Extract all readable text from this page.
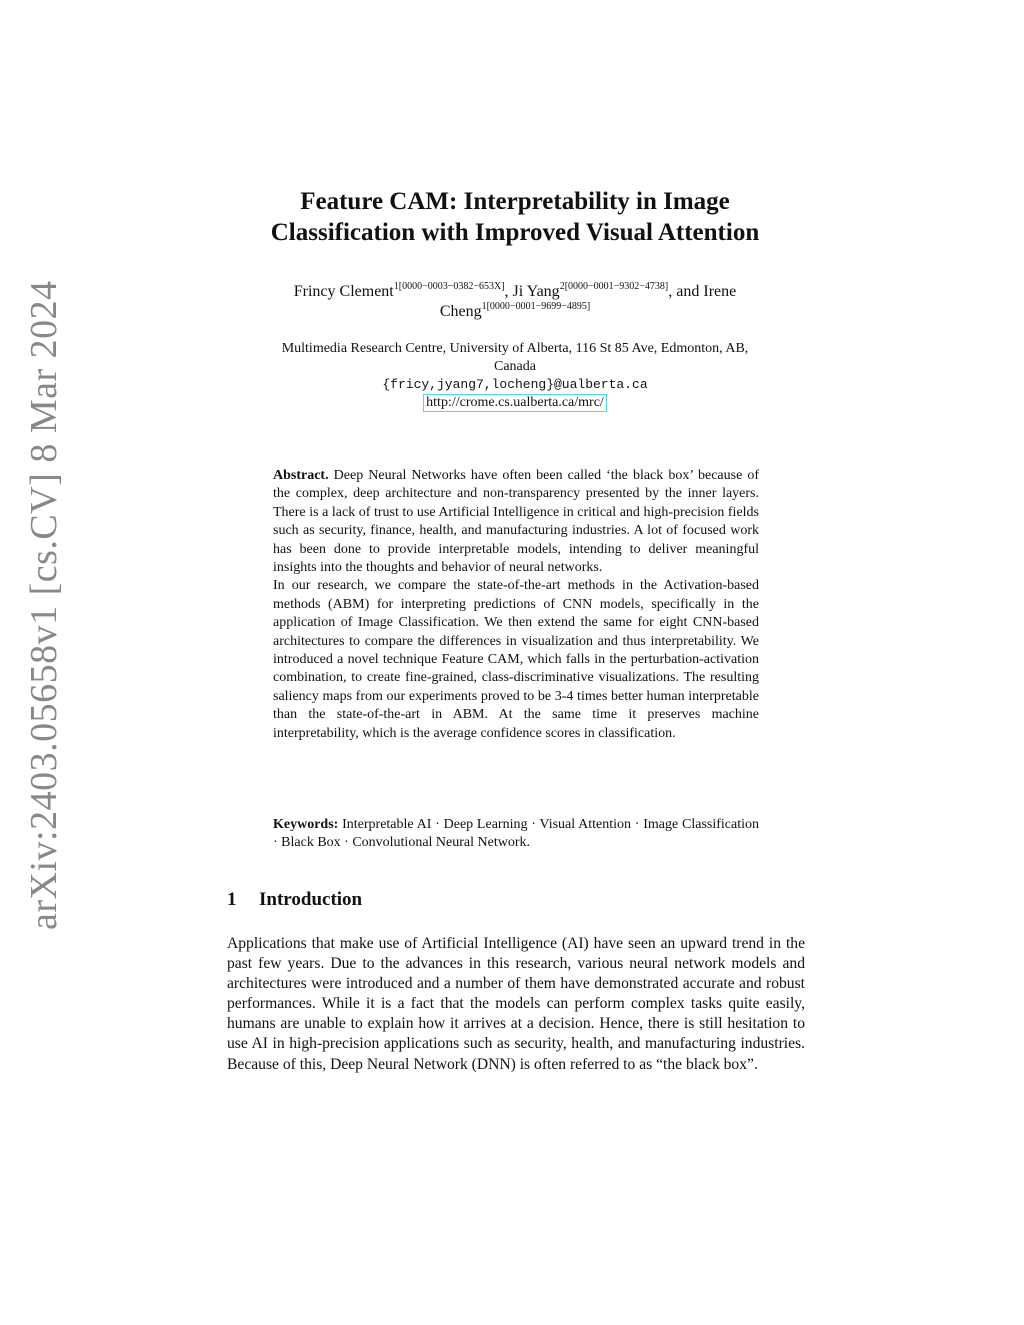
arXiv:2403.05658v1 [cs.CV] 8 Mar 2024
Feature CAM: Interpretability in Image
Classification with Improved Visual Attention
Frincy Clement$^{1[0000-0003-0382-653X]}$, Ji Yang$^{2[0000-0001-9302-4738]}$, and Irene
Cheng$^{1[0000-0001-9699-4895]}$
Multimedia Research Centre, University of Alberta, 116 St 85 Ave, Edmonton, AB,
Canada
{fricy,jyang7,locheng}@ualberta.ca
http://crome.cs.ualberta.ca/mrc/

Abstract. Deep Neural Networks have often been called ‘the black box’ because of the complex, deep architecture and non-transparency presented by the inner layers. There is a lack of trust to use Artificial Intelligence in critical and high-precision fields such as security, finance, health, and manufacturing industries. A lot of focused work has been done to provide interpretable models, intending to deliver meaningful insights into the thoughts and behavior of neural networks.

In our research, we compare the state-of-the-art methods in the Activation-based methods (ABM) for interpreting predictions of CNN models, specifically in the application of Image Classification. We then extend the same for eight CNN-based architectures to compare the differences in visualization and thus interpretability. We introduced a novel technique Feature CAM, which falls in the perturbation-activation combination, to create fine-grained, class-discriminative visualizations. The resulting saliency maps from our experiments proved to be 3-4 times better human interpretable than the state-of-the-art in ABM. At the same time it preserves machine interpretability, which is the average confidence scores in classification.

Keywords: Interpretable AI · Deep Learning · Visual Attention · Image Classification · Black Box · Convolutional Neural Network.
1 Introduction

Applications that make use of Artificial Intelligence (AI) have seen an upward trend in the past few years. Due to the advances in this research, various neural network models and architectures were introduced and a number of them have demonstrated accurate and robust performances. While it is a fact that the models can perform complex tasks quite easily, humans are unable to explain how it arrives at a decision. Hence, there is still hesitation to use AI in high-precision applications such as security, health, and manufacturing industries. Because of this, Deep Neural Network (DNN) is often referred to as “the black box”.
